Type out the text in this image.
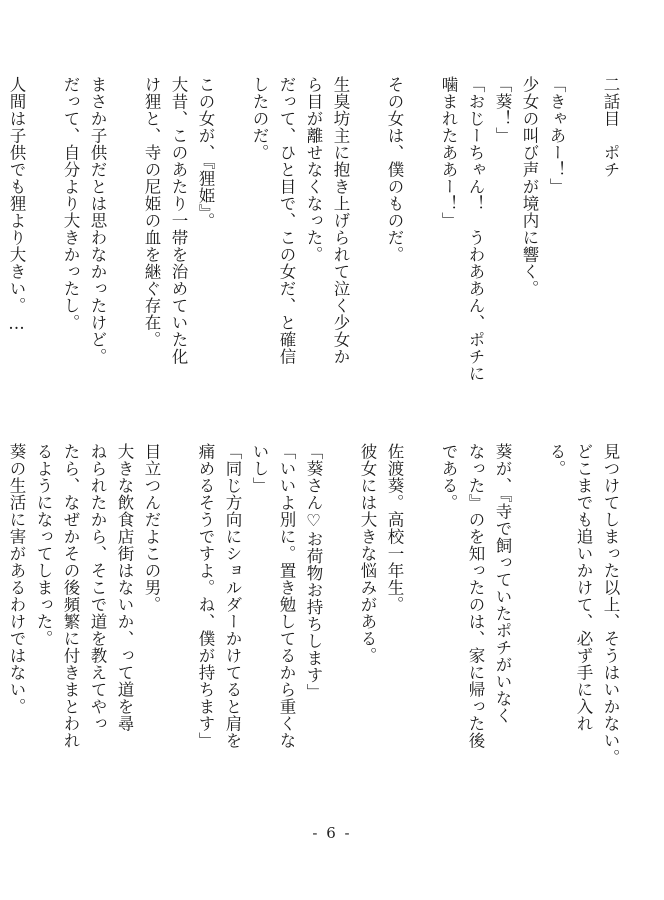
二話目　ポチ

「きゃあー！」
少女の叫び声が境内に響く。
「葵！」
「おじーちゃん！　うわああん、ポチに
噛まれたああー！」

その女は、僕のものだ。

生臭坊主に抱き上げられて泣く少女か
ら目が離せなくなった。
だって、ひと目で、この女だ、と確信
したのだ。

この女が、『狸姫』。
大昔、このあたり一帯を治めていた化
け狸と、寺の尼姫の血を継ぐ存在。

まさか子供だとは思わなかったけど。
だって、自分より大きかったし。

人間は子供でも狸より大きい。…

見つけてしまった以上、そうはいかない。
どこまでも追いかけて、必ず手に入れ
る。

葵が、『寺で飼っていたポチがいなく
なった』のを知ったのは、家に帰った後
である。

佐渡葵。高校一年生。
彼女には大きな悩みがある。

「葵さん♡お荷物お持ちします」
「いいよ別に。置き勉してるから重くな
いし」
「同じ方向にショルダーかけてると肩を
痛めるそうですよ。ね、僕が持ちます」

目立つんだよこの男。
大きな飲食店街はないか、って道を尋
ねられたから、そこで道を教えてやっ
たら、なぜかその後頻繁に付きまとわれ
るようになってしまった。
葵の生活に害があるわけではない。
- 6 -
